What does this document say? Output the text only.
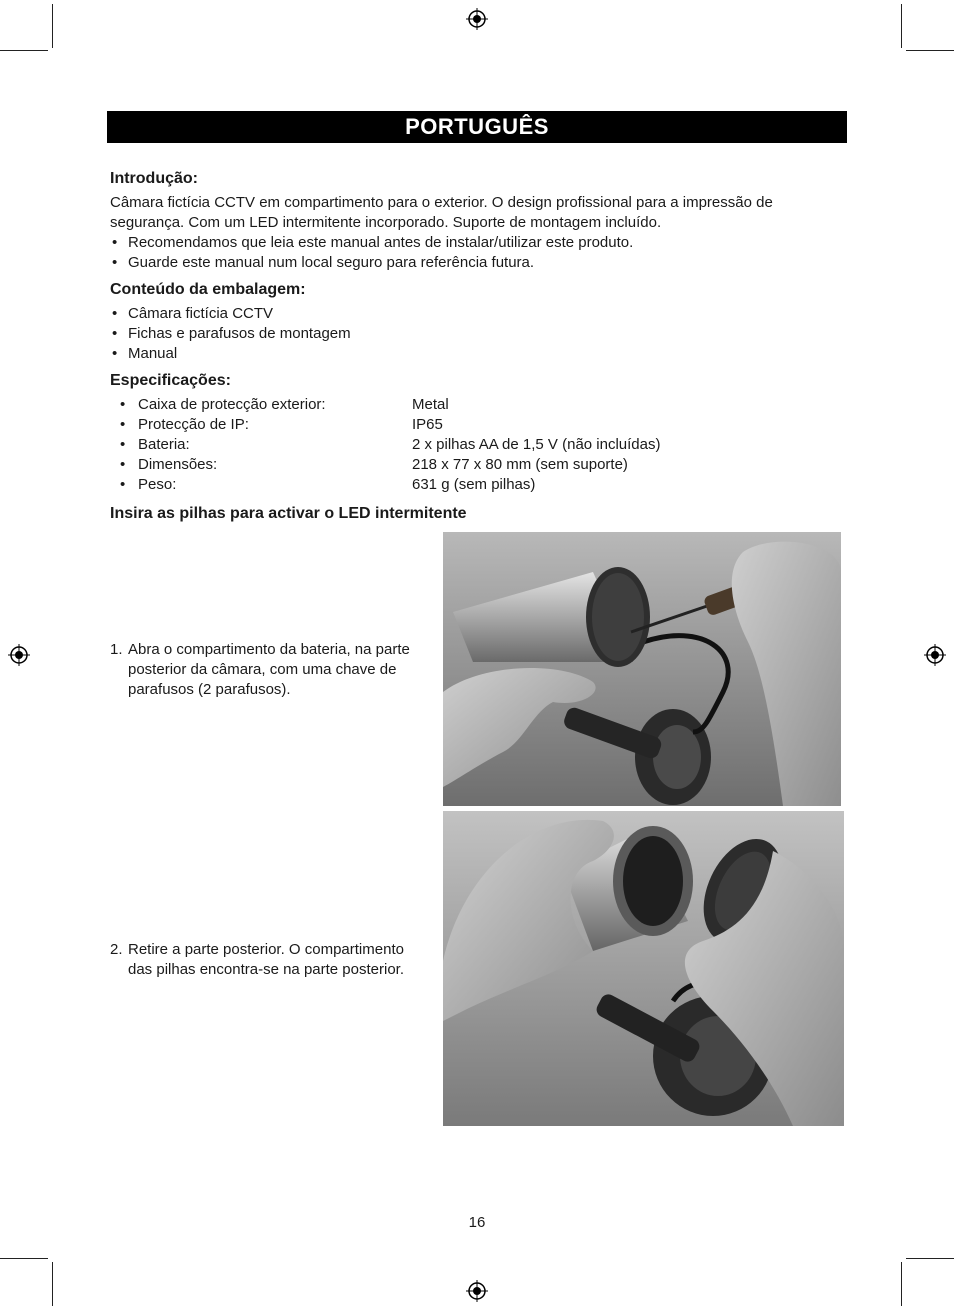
PORTUGUÊS
Introdução:

Câmara fictícia CCTV em compartimento para o exterior. O design profissional para a impressão de segurança. Com um LED intermitente incorporado. Suporte de montagem incluído.

• Recomendamos que leia este manual antes de instalar/utilizar este produto.
• Guarde este manual num local seguro para referência futura.
Conteúdo da embalagem:
• Câmara fictícia CCTV
• Fichas e parafusos de montagem
• Manual
Especificações:
•	Caixa de protecção exterior:	Metal
•	Protecção de IP:	IP65
•	Bateria:	2 x pilhas AA de 1,5 V (não incluídas)
•	Dimensões:	218 x 77 x 80 mm (sem suporte)
•	Peso:	631 g (sem pilhas)
Insira as pilhas para activar o LED intermitente
1. Abra o compartimento da bateria, na parte posterior da câmara, com uma chave de parafusos (2 parafusos).
2. Retire a parte posterior. O compartimento das pilhas encontra-se na parte posterior.
16
